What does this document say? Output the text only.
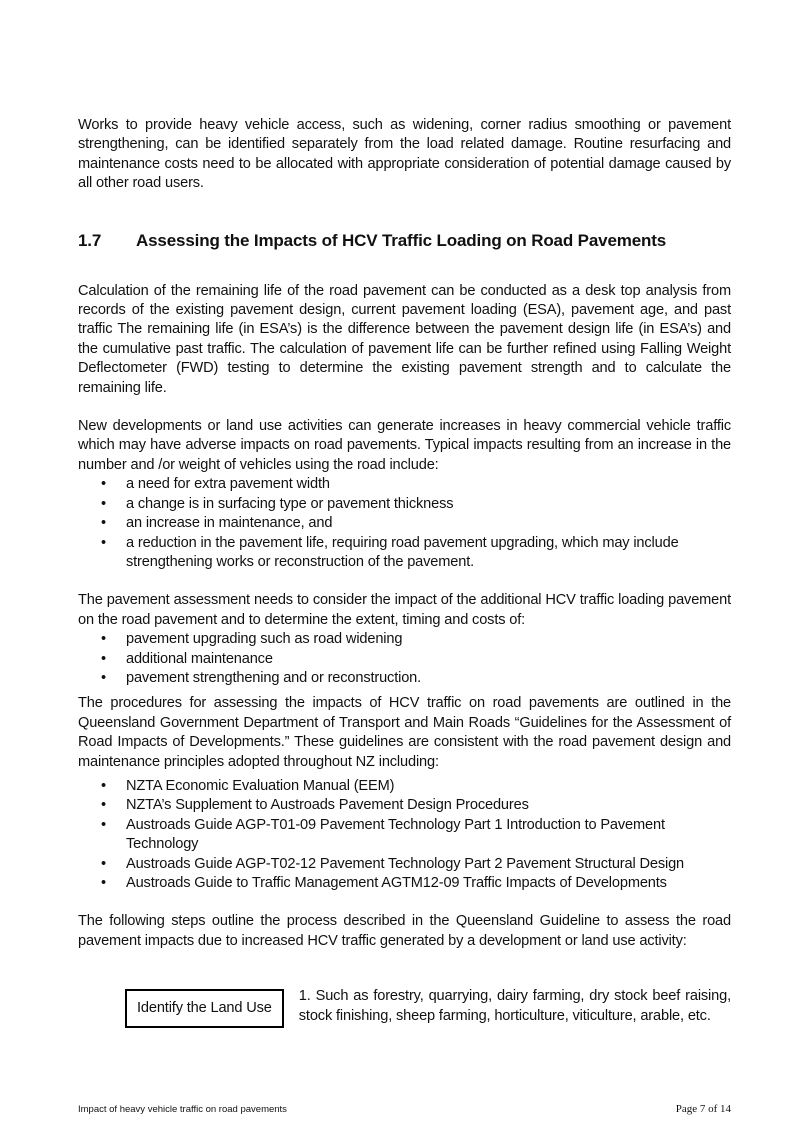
Works to provide heavy vehicle access, such as widening, corner radius smoothing or pavement strengthening, can be identified separately from the load related damage. Routine resurfacing and maintenance costs need to be allocated with appropriate consideration of potential damage caused by all other road users.

1.7	Assessing the Impacts of HCV Traffic Loading on Road Pavements

Calculation of the remaining life of the road pavement can be conducted as a desk top analysis from records of the existing pavement design, current pavement loading (ESA), pavement age, and past traffic The remaining life (in ESA’s) is the difference between the pavement design life (in ESA’s) and the cumulative past traffic. The calculation of pavement life can be further refined using Falling Weight Deflectometer (FWD) testing to determine the existing pavement strength and to calculate the remaining life.

New developments or land use activities can generate increases in heavy commercial vehicle traffic which may have adverse impacts on road pavements. Typical impacts resulting from an increase in the number and /or weight of vehicles using the road include:

• a need for extra pavement width
• a change is in surfacing type or pavement thickness
• an increase in maintenance, and
• a reduction in the pavement life, requiring road pavement upgrading, which may include strengthening works or reconstruction of the pavement.

The pavement assessment needs to consider the impact of the additional HCV traffic loading pavement on the road pavement and to determine the extent, timing and costs of:

• pavement upgrading such as road widening
• additional maintenance
• pavement strengthening and or reconstruction.

The procedures for assessing the impacts of HCV traffic on road pavements are outlined in the Queensland Government Department of Transport and Main Roads “Guidelines for the Assessment of Road Impacts of Developments.” These guidelines are consistent with the road pavement design and maintenance principles adopted throughout NZ including:

• NZTA Economic Evaluation Manual (EEM)
• NZTA’s Supplement to Austroads Pavement Design Procedures
• Austroads Guide AGP-T01-09 Pavement Technology Part 1 Introduction to Pavement Technology
• Austroads Guide AGP-T02-12 Pavement Technology Part 2 Pavement Structural Design
• Austroads Guide to Traffic Management AGTM12-09 Traffic Impacts of Developments

The following steps outline the process described in the Queensland Guideline to assess the road pavement impacts due to increased HCV traffic generated by a development or land use activity:

Identify the Land Use
1. Such as forestry, quarrying, dairy farming, dry stock beef raising, stock finishing, sheep farming, horticulture, viticulture, arable, etc.
Impact of heavy vehicle traffic on road pavements	Page 7 of 14
